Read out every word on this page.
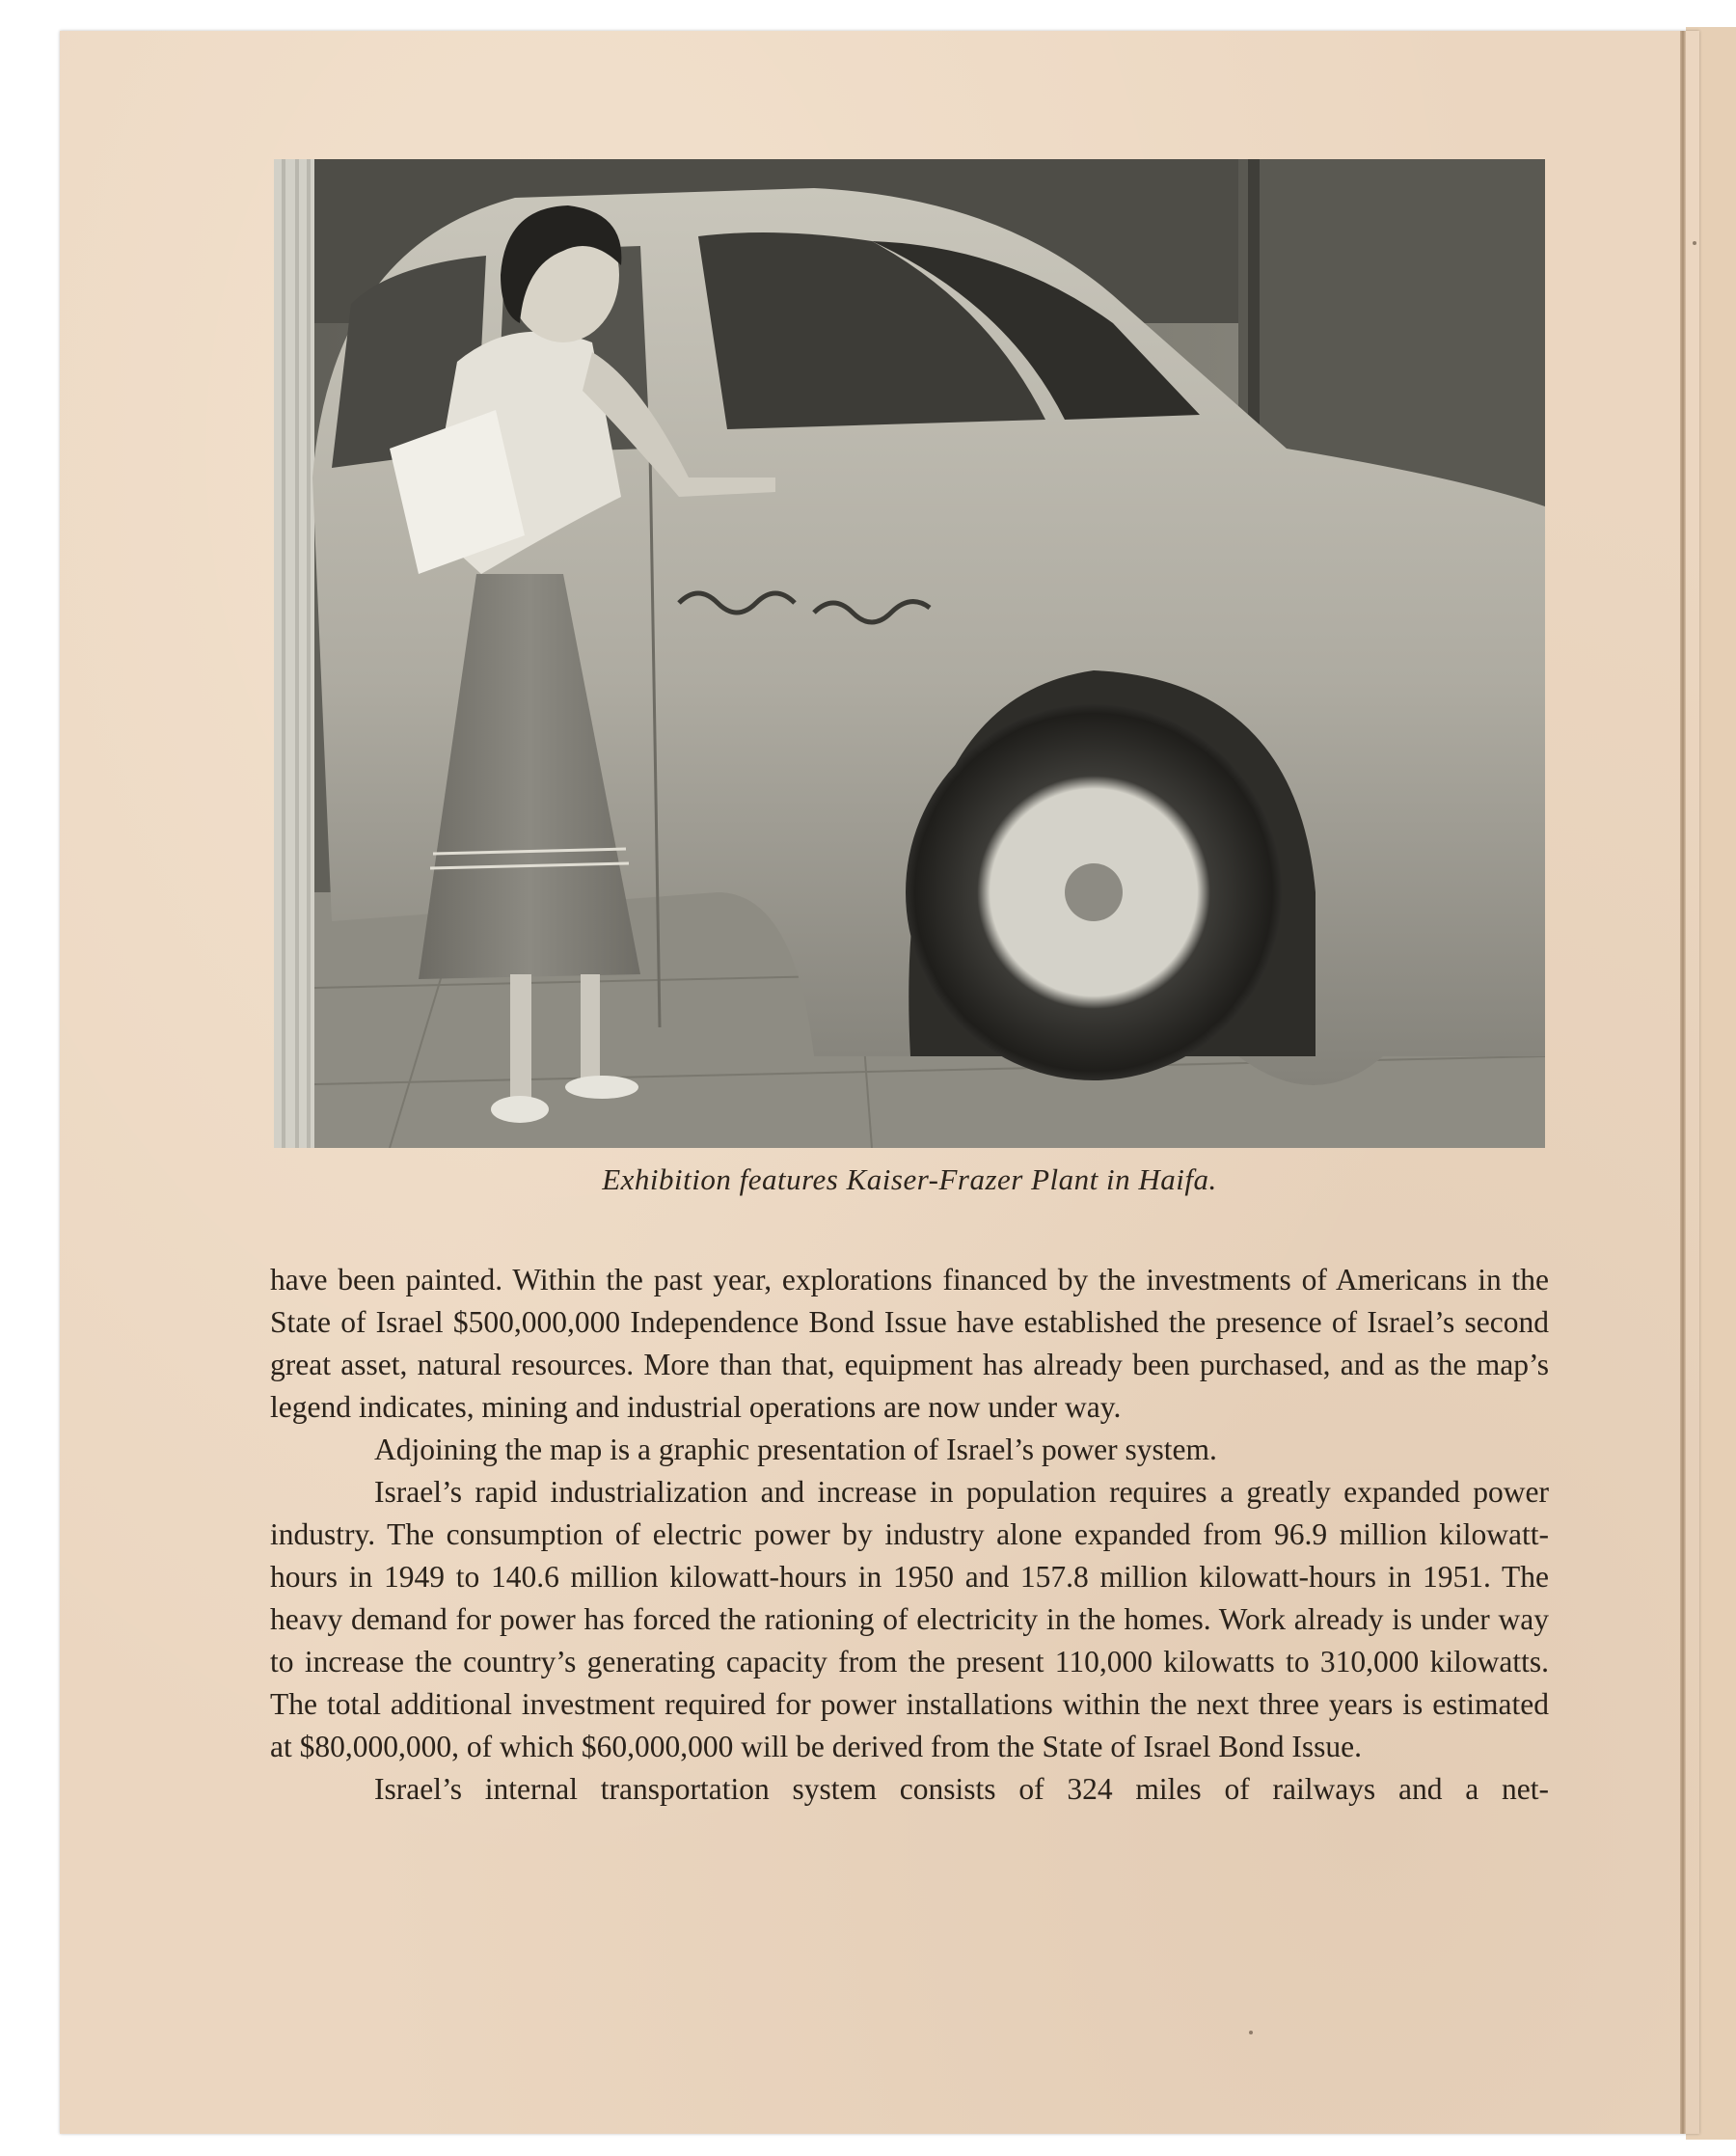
Exhibition features Kaiser-Frazer Plant in Haifa.

have been painted. Within the past year, explorations financed by the investments of Americans in the State of Israel $500,000,000 Independence Bond Issue have established the presence of Israel’s second great asset, natural resources. More than that, equipment has already been purchased, and as the map’s legend indicates, mining and industrial operations are now under way.

Adjoining the map is a graphic presentation of Israel’s power system.

Israel’s rapid industrialization and increase in population requires a greatly expanded power industry. The consumption of electric power by industry alone expanded from 96.9 million kilowatt-hours in 1949 to 140.6 million kilowatt-hours in 1950 and 157.8 million kilowatt-hours in 1951. The heavy demand for power has forced the rationing of electricity in the homes. Work already is under way to increase the country’s generating capacity from the present 110,000 kilowatts to 310,000 kilowatts. The total additional investment required for power installations within the next three years is estimated at $80,000,000, of which $60,000,000 will be derived from the State of Israel Bond Issue.

Israel’s internal transportation system consists of 324 miles of railways and a net-
